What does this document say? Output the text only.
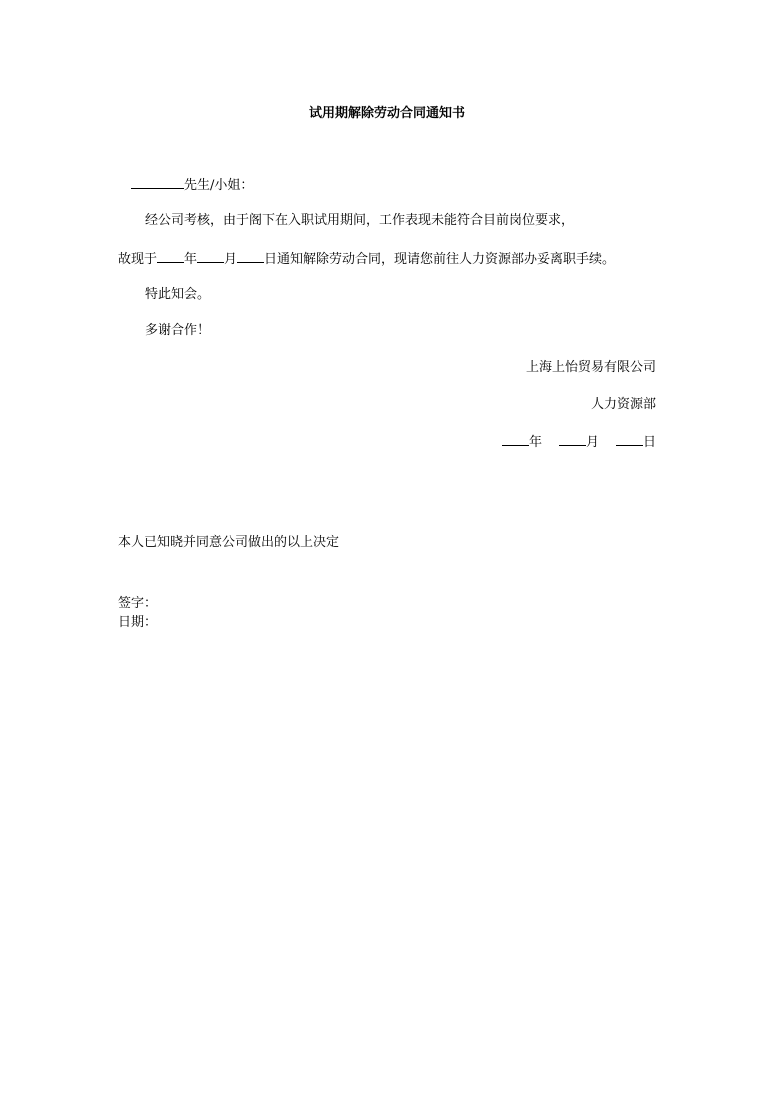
试用期解除劳动合同通知书
先生/小姐：
经公司考核，由于阁下在入职试用期间，工作表现未能符合目前岗位要求，
故现于 年 月 日通知解除劳动合同，现请您前往人力资源部办妥离职手续。
特此知会。
多谢合作！
上海上怡贸易有限公司
人力资源部
年	月	日
本人已知晓并同意公司做出的以上决定
签字：
日期：
